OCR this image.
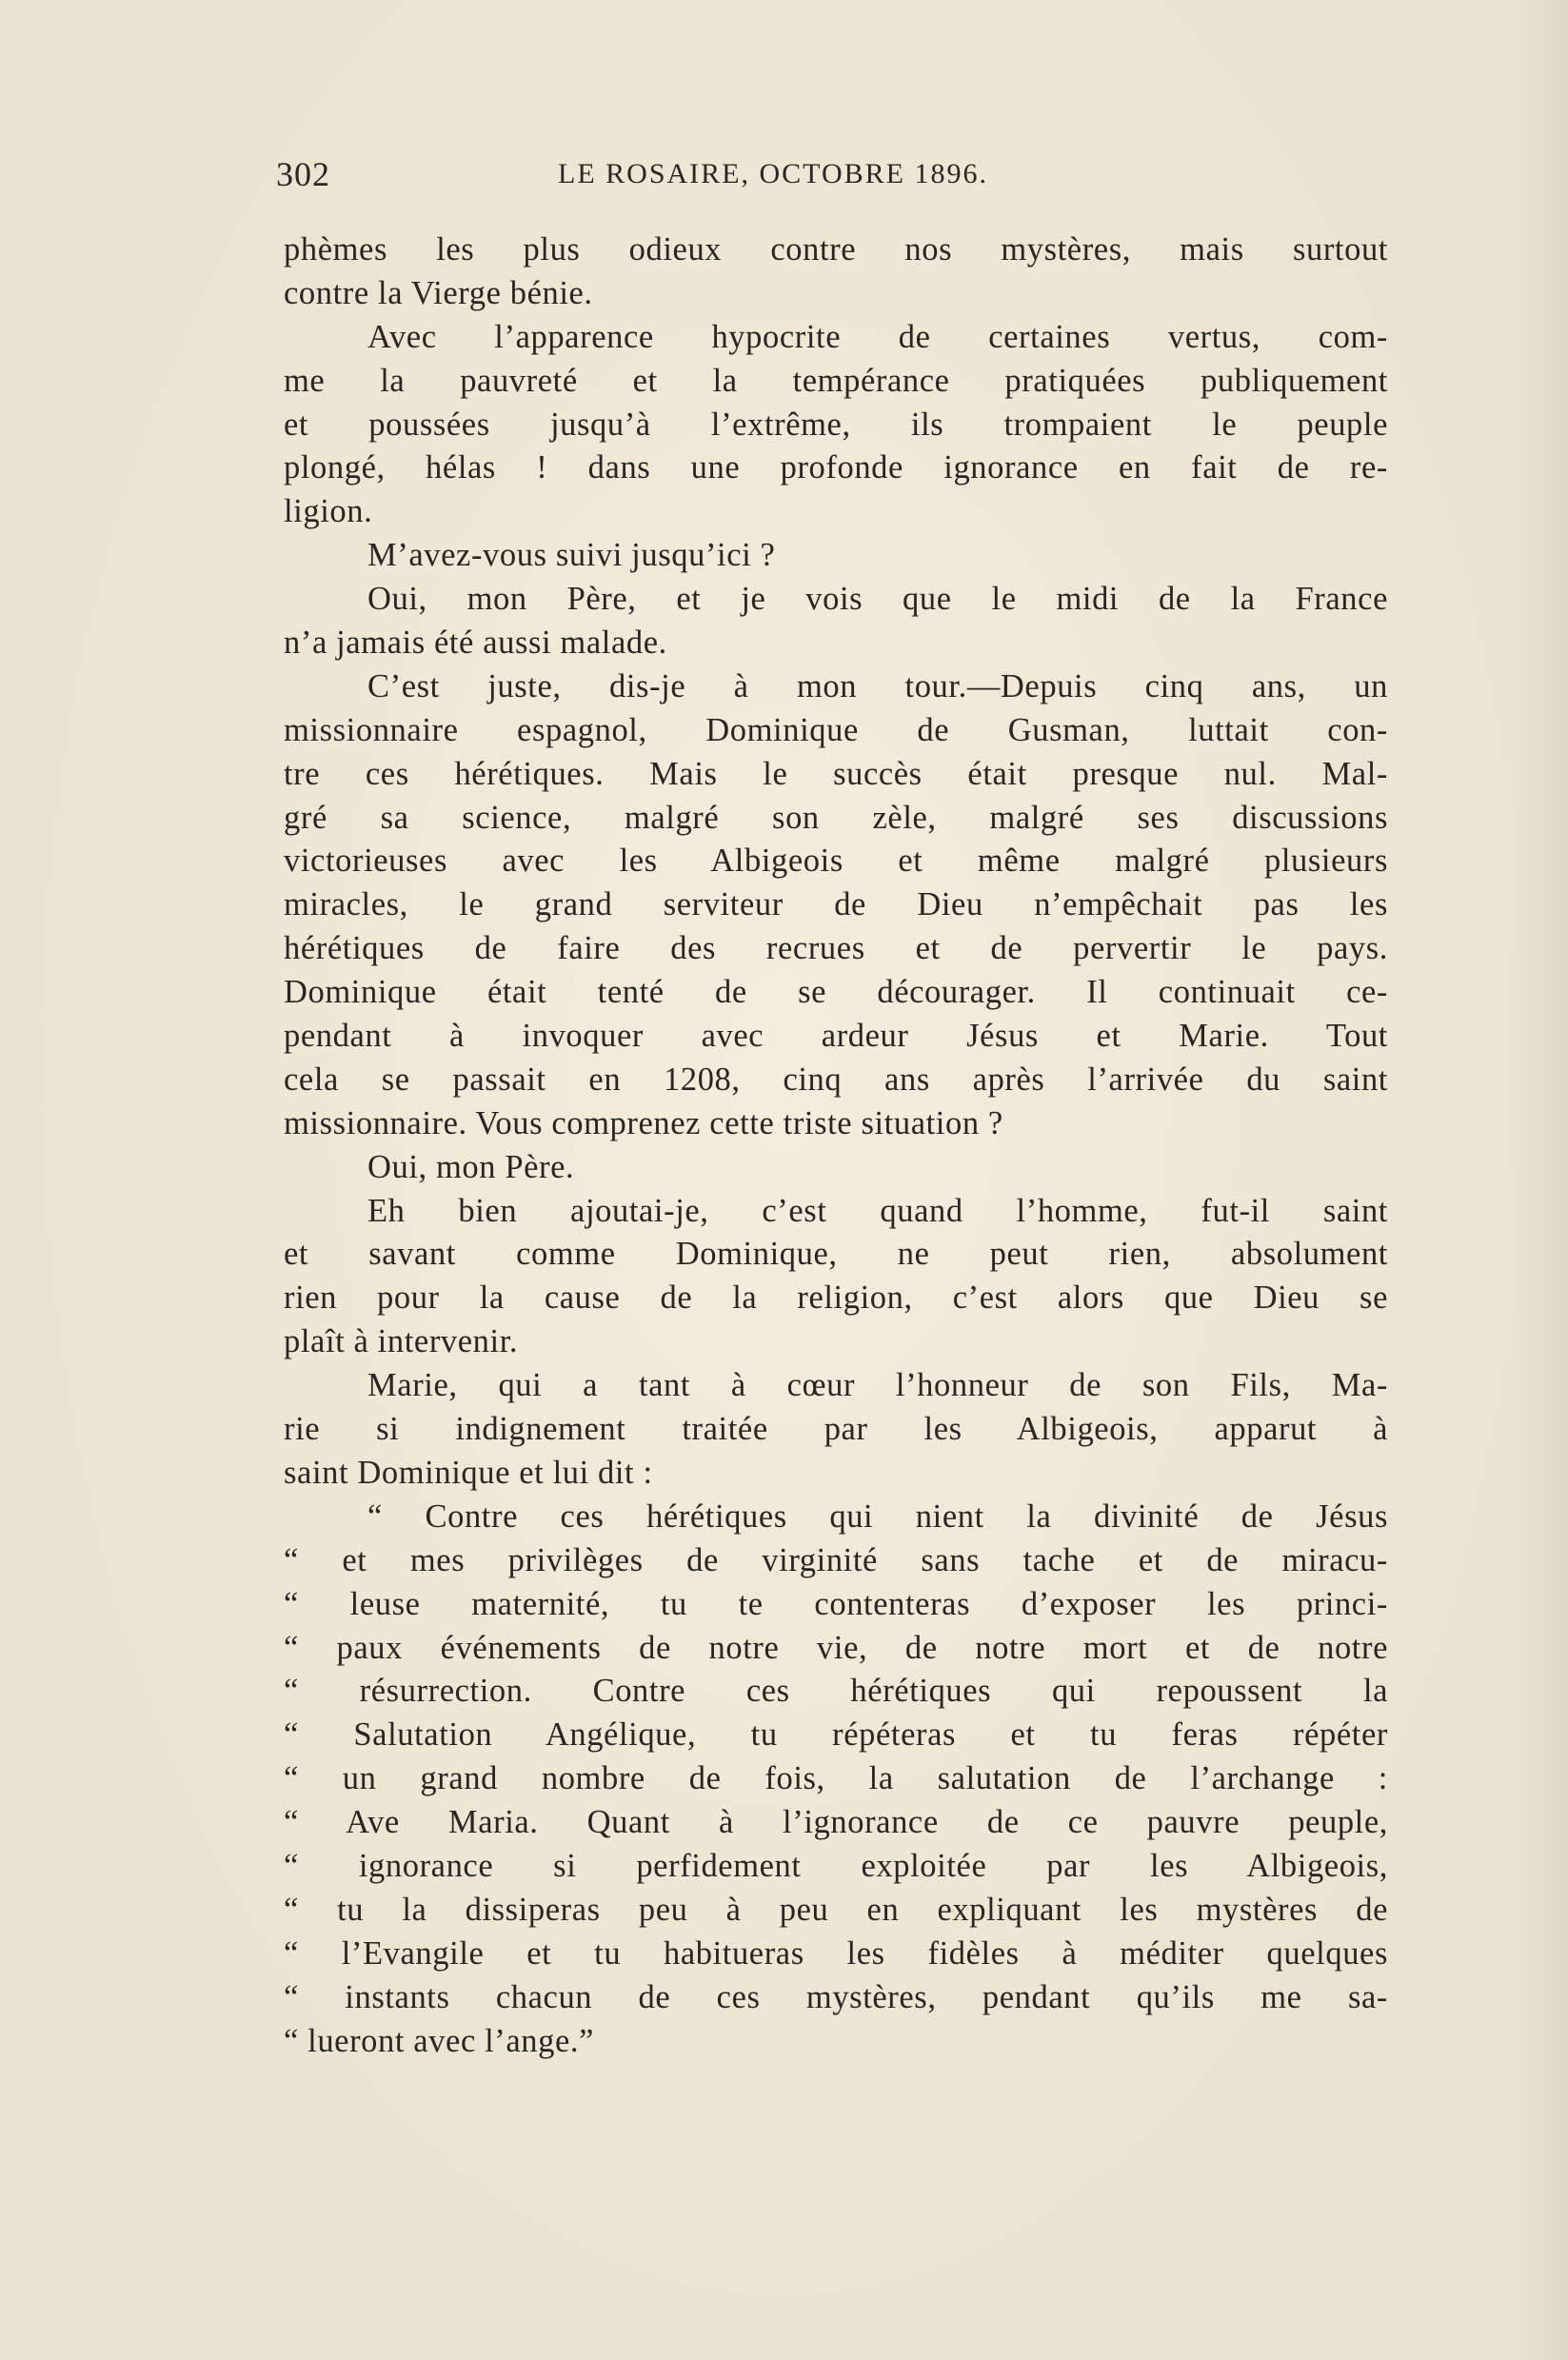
302	LE ROSAIRE, OCTOBRE 1896.
phèmes les plus odieux contre nos mystères, mais surtout
contre la Vierge bénie.
Avec l’apparence hypocrite de certaines vertus, com-
me la pauvreté et la tempérance pratiquées publiquement
et poussées jusqu’à l’extrême, ils trompaient le peuple
plongé, hélas ! dans une profonde ignorance en fait de re-
ligion.
M’avez-vous suivi jusqu’ici ?
Oui, mon Père, et je vois que le midi de la France
n’a jamais été aussi malade.
C’est juste, dis-je à mon tour.—Depuis cinq ans, un
missionnaire espagnol, Dominique de Gusman, luttait con-
tre ces hérétiques. Mais le succès était presque nul. Mal-
gré sa science, malgré son zèle, malgré ses discussions
victorieuses avec les Albigeois et même malgré plusieurs
miracles, le grand serviteur de Dieu n’empêchait pas les
hérétiques de faire des recrues et de pervertir le pays.
Dominique était tenté de se décourager. Il continuait ce-
pendant à invoquer avec ardeur Jésus et Marie. Tout
cela se passait en 1208, cinq ans après l’arrivée du saint
missionnaire. Vous comprenez cette triste situation ?
Oui, mon Père.
Eh bien ajoutai-je, c’est quand l’homme, fut-il saint
et savant comme Dominique, ne peut rien, absolument
rien pour la cause de la religion, c’est alors que Dieu se
plaît à intervenir.
Marie, qui a tant à cœur l’honneur de son Fils, Ma-
rie si indignement traitée par les Albigeois, apparut à
saint Dominique et lui dit :
“ Contre ces hérétiques qui nient la divinité de Jésus
“ et mes privilèges de virginité sans tache et de miracu-
“ leuse maternité, tu te contenteras d’exposer les princi-
“ paux événements de notre vie, de notre mort et de notre
“ résurrection. Contre ces hérétiques qui repoussent la
“ Salutation Angélique, tu répéteras et tu feras répéter
“ un grand nombre de fois, la salutation de l’archange :
“ Ave Maria. Quant à l’ignorance de ce pauvre peuple,
“ ignorance si perfidement exploitée par les Albigeois,
“ tu la dissiperas peu à peu en expliquant les mystères de
“ l’Evangile et tu habitueras les fidèles à méditer quelques
“ instants chacun de ces mystères, pendant qu’ils me sa-
“ lueront avec l’ange.”
